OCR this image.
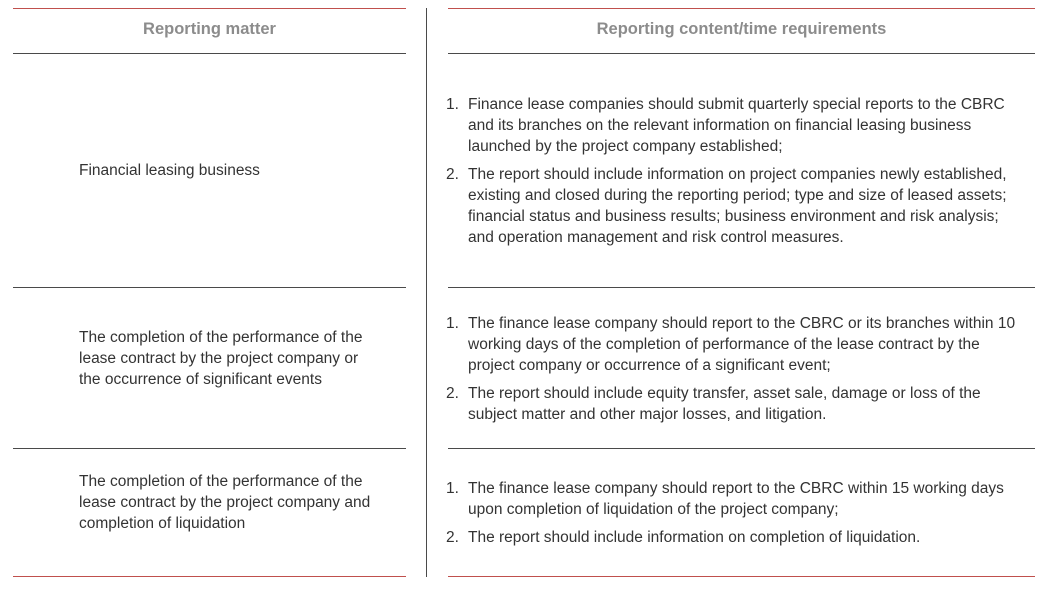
Reporting matter	Reporting content/time requirements
Financial leasing business
1. Finance lease companies should submit quarterly special reports to the CBRC and its branches on the relevant information on financial leasing business launched by the project company established;
2. The report should include information on project companies newly established, existing and closed during the reporting period; type and size of leased assets; financial status and business results; business environment and risk analysis; and operation management and risk control measures.
The completion of the performance of the lease contract by the project company or the occurrence of significant events
1. The finance lease company should report to the CBRC or its branches within 10 working days of the completion of performance of the lease contract by the project company or occurrence of a significant event;
2. The report should include equity transfer, asset sale, damage or loss of the subject matter and other major losses, and litigation.
The completion of the performance of the lease contract by the project company and completion of liquidation
1. The finance lease company should report to the CBRC within 15 working days upon completion of liquidation of the project company;
2. The report should include information on completion of liquidation.
